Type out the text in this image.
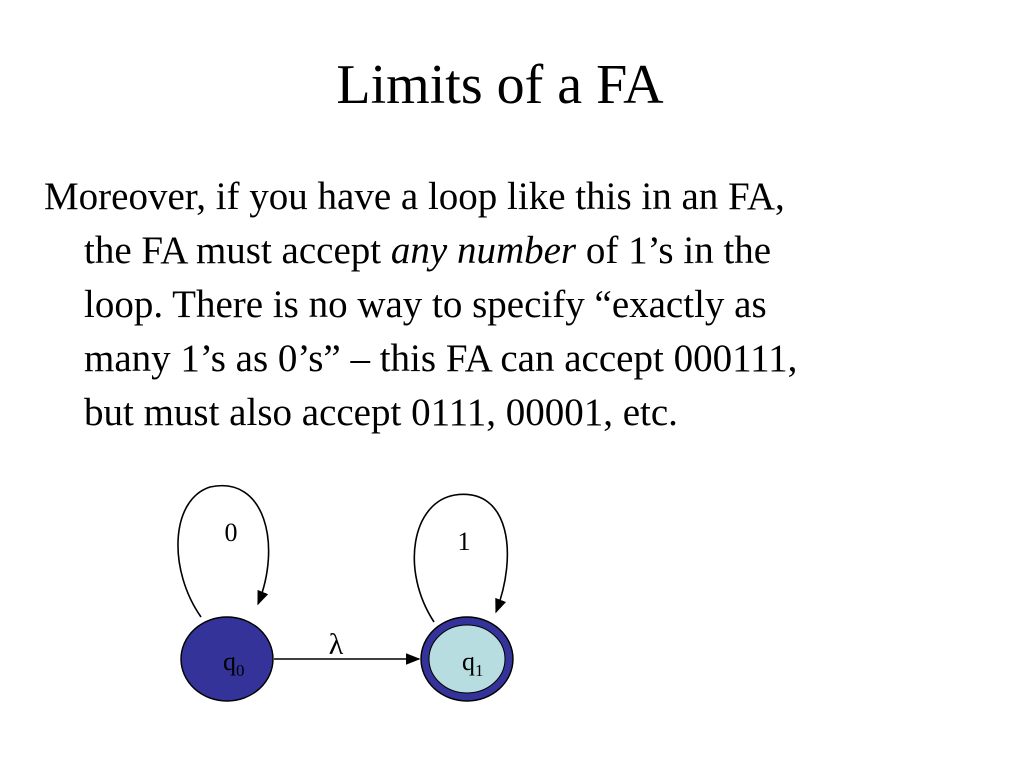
Limits of a FA
Moreover, if you have a loop like this in an FA,
the FA must accept any number of 1’s in the
loop. There is no way to specify “exactly as
many 1’s as 0’s” – this FA can accept 000111,
but must also accept 0111, 00001, etc.
0	1
λ
$q_0$	$q_1$
